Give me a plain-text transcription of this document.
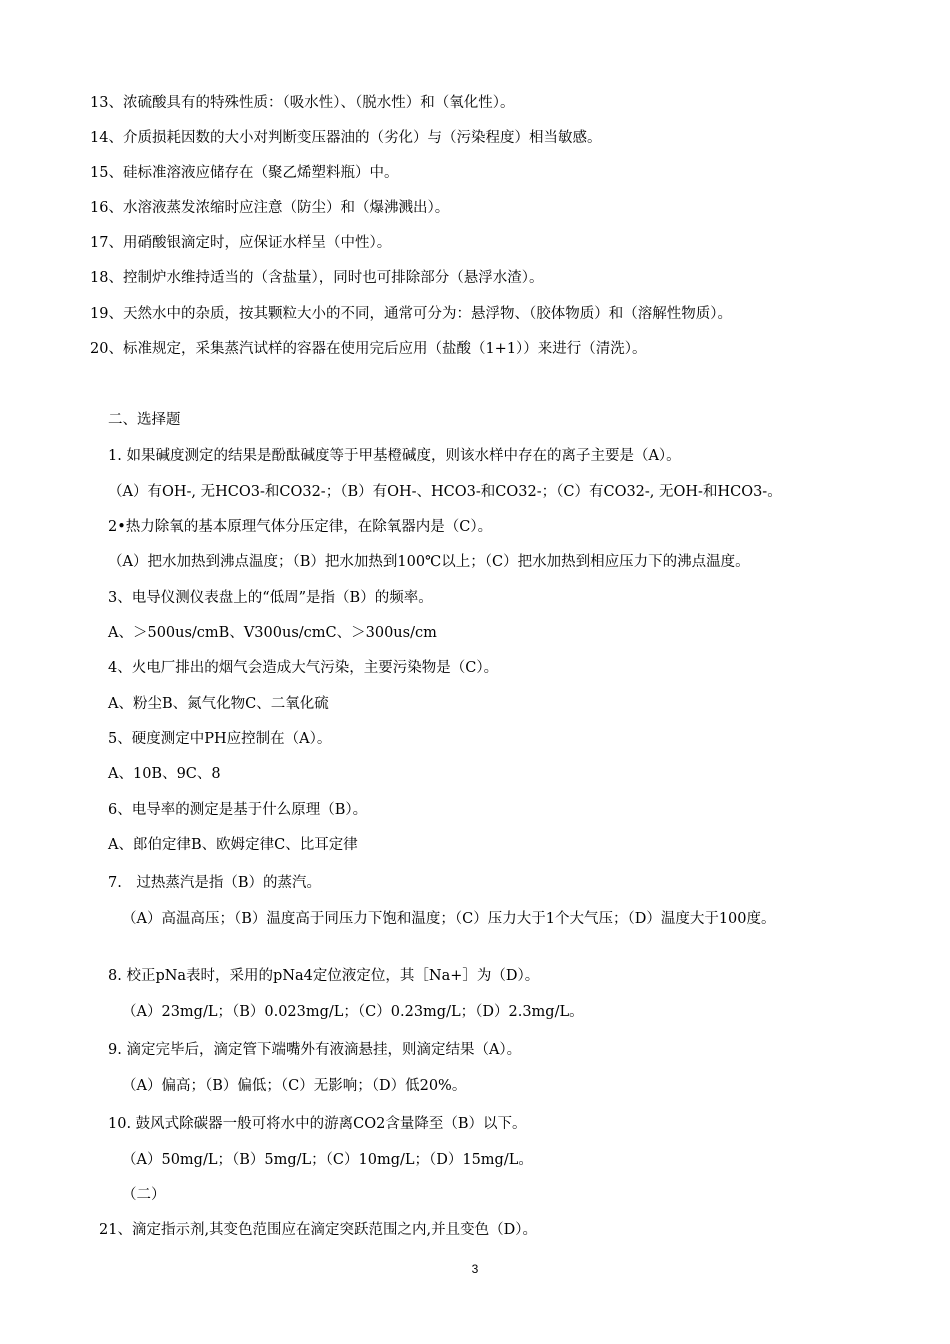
13、浓硫酸具有的特殊性质：（吸水性）、（脱水性）和（氧化性）。
14、介质损耗因数的大小对判断变压器油的（劣化）与（污染程度）相当敏感。
15、硅标准溶液应储存在（聚乙烯塑料瓶）中。
16、水溶液蒸发浓缩时应注意（防尘）和（爆沸溅出）。
17、用硝酸银滴定时，应保证水样呈（中性）。
18、控制炉水维持适当的（含盐量），同时也可排除部分（悬浮水渣）。
19、天然水中的杂质，按其颗粒大小的不同，通常可分为：悬浮物、（胶体物质）和（溶解性物质）。
20、标准规定，采集蒸汽试样的容器在使用完后应用（盐酸（1+1））来进行（清洗）。
二、选择题
1. 如果碱度测定的结果是酚酞碱度等于甲基橙碱度，则该水样中存在的离子主要是（A）。
（A）有OH-, 无HCO3-和CO32-；（B）有OH-、HCO3-和CO32-；（C）有CO32-, 无OH-和HCO3-。
2•热力除氧的基本原理气体分压定律，在除氧器内是（C）。
（A）把水加热到沸点温度；（B）把水加热到100℃以上；（C）把水加热到相应压力下的沸点温度。
3、电导仪测仪表盘上的“低周”是指（B）的频率。
A、＞500us/cmB、V300us/cmC、＞300us/cm
4、火电厂排出的烟气会造成大气污染，主要污染物是（C）。
A、粉尘B、氮气化物C、二氧化硫
5、硬度测定中PH应控制在（A）。
A、10B、9C、8
6、电导率的测定是基于什么原理（B）。
A、郎伯定律B、欧姆定律C、比耳定律
7.　过热蒸汽是指（B）的蒸汽。
（A）高温高压；（B）温度高于同压力下饱和温度；（C）压力大于1个大气压；（D）温度大于100度。
8. 校正pNa表时，采用的pNa4定位液定位，其［Na+］为（D）。
（A）23mg/L；（B）0.023mg/L；（C）0.23mg/L；（D）2.3mg/L。
9. 滴定完毕后，滴定管下端嘴外有液滴悬挂，则滴定结果（A）。
（A）偏高；（B）偏低；（C）无影响；（D）低20%。
10. 鼓风式除碳器一般可将水中的游离CO2含量降至（B）以下。
（A）50mg/L；（B）5mg/L；（C）10mg/L；（D）15mg/L。
（二）
21、滴定指示剂,其变色范围应在滴定突跃范围之内,并且变色（D）。
3
